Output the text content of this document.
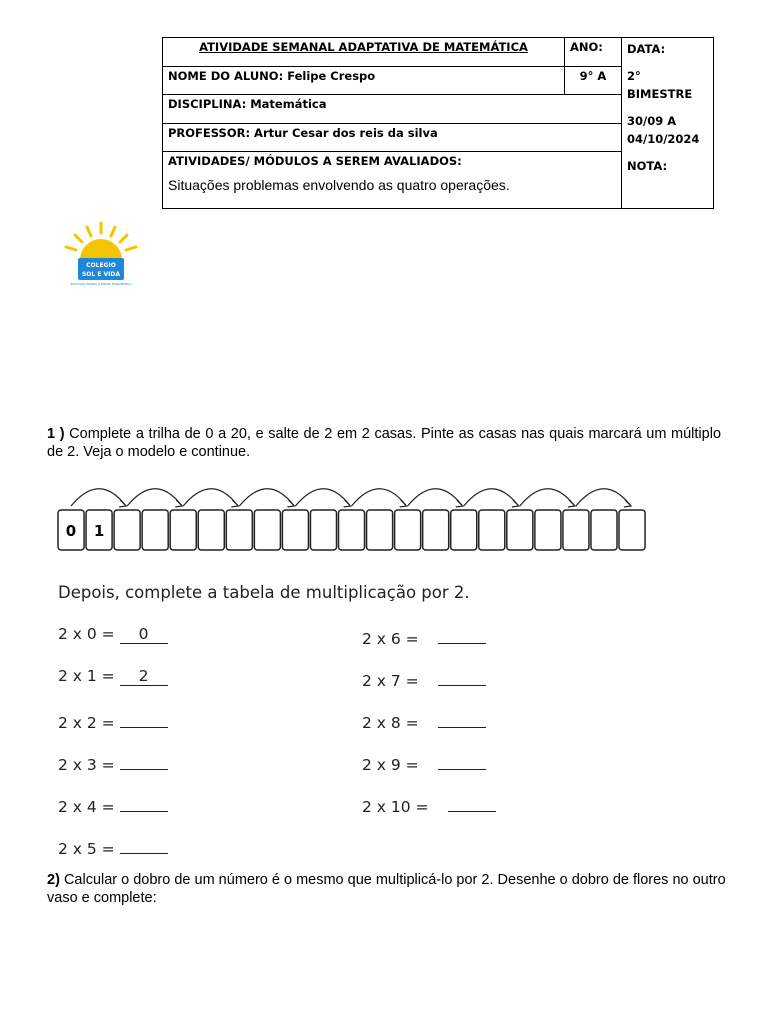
ATIVIDADE SEMANAL ADAPTATIVA DE MATEMÁTICA	ANO:	DATA:
2° BIMESTRE
30/09 A
04/10/2024
NOTA:

NOME DO ALUNO: Felipe Crespo	9° A	
DISCIPLINA: Matemática		
PROFESSOR: Artur Cesar dos reis da silva		
ATIVIDADES/ MÓDULOS A SEREM AVALIADOS:
Situações problemas envolvendo as quatro operações.		
COLEGIO
SOL E VIDA
EDUCAÇÃO INFANTIL E ENSINO FUNDAMENTAL
1 ) Complete a trilha de 0 a 20, e salte de 2 em 2 casas. Pinte as casas nas quais marcará um múltiplo de 2. Veja o modelo e continue.
0 1
Depois, complete a tabela de multiplicação por 2.
2 x 0 = 0
2 x 1 = 2
2 x 2 =
2 x 3 =
2 x 4 =
2 x 5 =
2 x 6 =
2 x 7 =
2 x 8 =
2 x 9 =
2 x 10 =
2) Calcular o dobro de um número é o mesmo que multiplicá-lo por 2. Desenhe o dobro de flores no outro vaso e complete:
